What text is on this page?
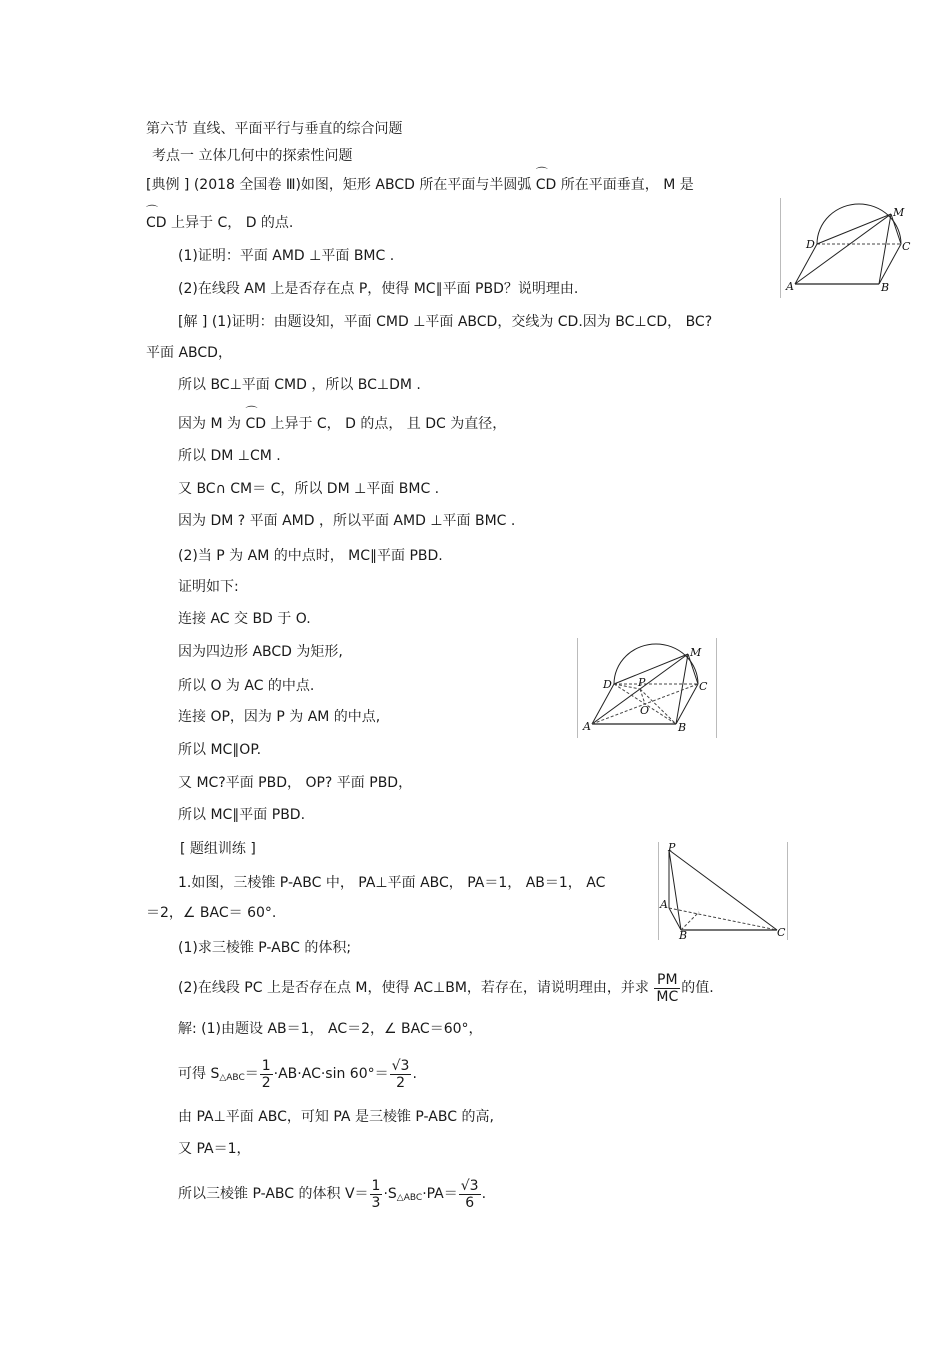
第六节 直线、平面平行与垂直的综合问题
考点一 立体几何中的探索性问题
[典例 ] (2018 全国卷 Ⅲ)如图，矩形 ABCD 所在平面与半圆弧 ⌒ CD 所在平面垂直， M 是
⌒ CD 上异于 C， D 的点.
(1)证明：平面 AMD ⊥平面 BMC .
(2)在线段 AM 上是否存在点 P，使得 MC∥平面 PBD？说明理由.
[解 ] (1)证明：由题设知，平面 CMD ⊥平面 ABCD，交线为 CD.因为 BC⊥CD， BC?
平面 ABCD，
所以 BC⊥平面 CMD ，所以 BC⊥DM .
因为 M 为 ⌒ CD 上异于 C， D 的点， 且 DC 为直径，
所以 DM ⊥CM .
又 BC∩ CM＝ C，所以 DM ⊥平面 BMC .
因为 DM ? 平面 AMD ，所以平面 AMD ⊥平面 BMC .
(2)当 P 为 AM 的中点时， MC∥平面 PBD.
证明如下:
连接 AC 交 BD 于 O.
因为四边形 ABCD 为矩形,
所以 O 为 AC 的中点.
连接 OP，因为 P 为 AM 的中点,
所以 MC∥OP.
又 MC?平面 PBD， OP? 平面 PBD，
所以 MC∥平面 PBD.
[ 题组训练 ]
1.如图，三棱锥 P-ABC 中， PA⊥平面 ABC， PA＝1， AB＝1， AC
＝2，∠ BAC＝ 60°.
(1)求三棱锥 P-ABC 的体积;
(2)在线段 PC 上是否存在点 M，使得 AC⊥BM，若存在，请说明理由，并求 $\frac{PM}{MC}$ 的值.
解: (1)由题设 AB＝1， AC＝2，∠ BAC＝60°，
可得 $S_{\triangle ABC}= \frac{1}{2} \cdot AB\cdot AC\cdot\sin$ $60^\circ= \frac{√3}{2}$ .
由 PA⊥平面 ABC，可知 PA 是三棱锥 P-ABC 的高,
又 PA＝1，
所以三棱锥 P-ABC 的体积 $V= \frac{1}{3} \cdot S_{\triangle ABC}\cdot PA= \frac{√3}{6}$ .
M
D	C
A	B
M
D P	C
O
A	B
P
A
B	C
